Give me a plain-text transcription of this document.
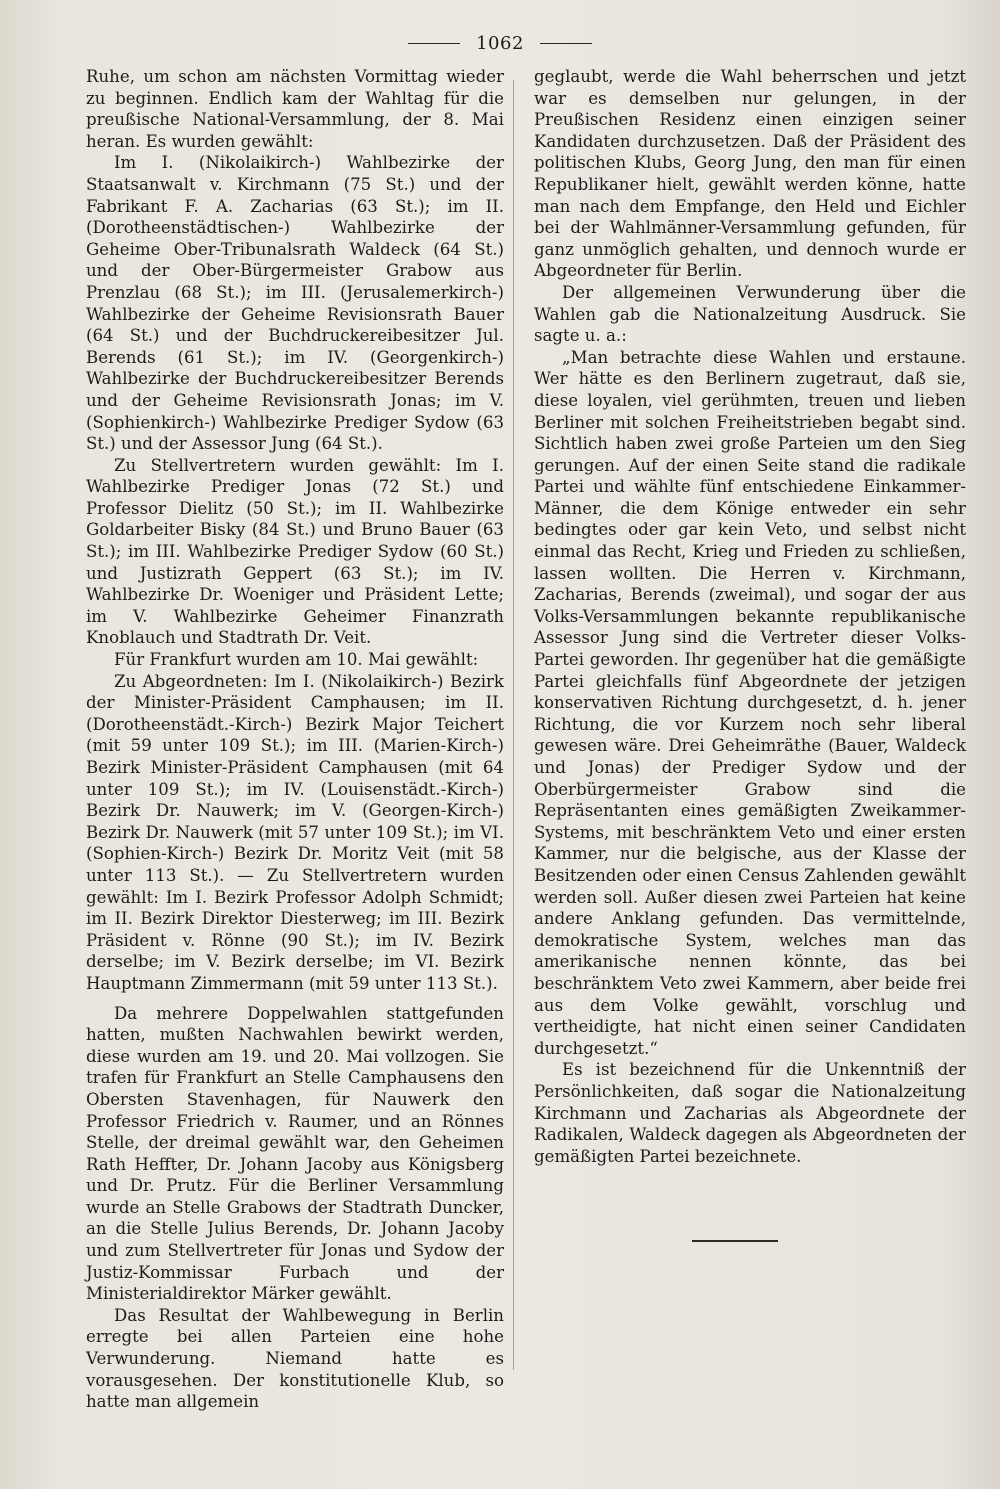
1062

Ruhe, um schon am nächsten Vormittag wieder zu beginnen. Endlich kam der Wahltag für die preußische National-Versammlung, der 8. Mai heran. Es wurden gewählt:

Im I. (Nikolaikirch-) Wahlbezirke der Staatsanwalt v. Kirchmann (75 St.) und der Fabrikant F. A. Zacharias (63 St.); im II. (Dorotheenstädtischen-) Wahlbezirke der Geheime Ober-Tribunalsrath Waldeck (64 St.) und der Ober-Bürgermeister Grabow aus Prenzlau (68 St.); im III. (Jerusalemerkirch-) Wahlbezirke der Geheime Revisionsrath Bauer (64 St.) und der Buchdruckereibesitzer Jul. Berends (61 St.); im IV. (Georgenkirch-) Wahlbezirke der Buchdruckereibesitzer Berends und der Geheime Revisionsrath Jonas; im V. (Sophienkirch-) Wahlbezirke Prediger Sydow (63 St.) und der Assessor Jung (64 St.).

Zu Stellvertretern wurden gewählt: Im I. Wahlbezirke Prediger Jonas (72 St.) und Professor Dielitz (50 St.); im II. Wahlbezirke Goldarbeiter Bisky (84 St.) und Bruno Bauer (63 St.); im III. Wahlbezirke Prediger Sydow (60 St.) und Justizrath Geppert (63 St.); im IV. Wahlbezirke Dr. Woeniger und Präsident Lette; im V. Wahlbezirke Geheimer Finanzrath Knoblauch und Stadtrath Dr. Veit.

Für Frankfurt wurden am 10. Mai gewählt:

Zu Abgeordneten: Im I. (Nikolaikirch-) Bezirk der Minister-Präsident Camphausen; im II. (Dorotheenstädt.-Kirch-) Bezirk Major Teichert (mit 59 unter 109 St.); im III. (Marien-Kirch-) Bezirk Minister-Präsident Camphausen (mit 64 unter 109 St.); im IV. (Louisenstädt.-Kirch-) Bezirk Dr. Nauwerk; im V. (Georgen-Kirch-) Bezirk Dr. Nauwerk (mit 57 unter 109 St.); im VI. (Sophien-Kirch-) Bezirk Dr. Moritz Veit (mit 58 unter 113 St.). — Zu Stellvertretern wurden gewählt: Im I. Bezirk Professor Adolph Schmidt; im II. Bezirk Direktor Diesterweg; im III. Bezirk Präsident v. Rönne (90 St.); im IV. Bezirk derselbe; im V. Bezirk derselbe; im VI. Bezirk Hauptmann Zimmermann (mit 59 unter 113 St.).

Da mehrere Doppelwahlen stattgefunden hatten, mußten Nachwahlen bewirkt werden, diese wurden am 19. und 20. Mai vollzogen. Sie trafen für Frankfurt an Stelle Camphausens den Obersten Stavenhagen, für Nauwerk den Professor Friedrich v. Raumer, und an Rönnes Stelle, der dreimal gewählt war, den Geheimen Rath Heffter, Dr. Johann Jacoby aus Königsberg und Dr. Prutz. Für die Berliner Versammlung wurde an Stelle Grabows der Stadtrath Duncker, an die Stelle Julius Berends, Dr. Johann Jacoby und zum Stellvertreter für Jonas und Sydow der Justiz-Kommissar Furbach und der Ministerialdirektor Märker gewählt.

Das Resultat der Wahlbewegung in Berlin erregte bei allen Parteien eine hohe Verwunderung. Niemand hatte es vorausgesehen. Der konstitutionelle Klub, so hatte man allgemein

geglaubt, werde die Wahl beherrschen und jetzt war es demselben nur gelungen, in der Preußischen Residenz einen einzigen seiner Kandidaten durchzusetzen. Daß der Präsident des politischen Klubs, Georg Jung, den man für einen Republikaner hielt, gewählt werden könne, hatte man nach dem Empfange, den Held und Eichler bei der Wahlmänner-Versammlung gefunden, für ganz unmöglich gehalten, und dennoch wurde er Abgeordneter für Berlin.

Der allgemeinen Verwunderung über die Wahlen gab die Nationalzeitung Ausdruck. Sie sagte u. a.:

„Man betrachte diese Wahlen und erstaune. Wer hätte es den Berlinern zugetraut, daß sie, diese loyalen, viel gerühmten, treuen und lieben Berliner mit solchen Freiheitstrieben begabt sind. Sichtlich haben zwei große Parteien um den Sieg gerungen. Auf der einen Seite stand die radikale Partei und wählte fünf entschiedene Einkammer-Männer, die dem Könige entweder ein sehr bedingtes oder gar kein Veto, und selbst nicht einmal das Recht, Krieg und Frieden zu schließen, lassen wollten. Die Herren v. Kirchmann, Zacharias, Berends (zweimal), und sogar der aus Volks-Versammlungen bekannte republikanische Assessor Jung sind die Vertreter dieser Volks-Partei geworden. Ihr gegenüber hat die gemäßigte Partei gleichfalls fünf Abgeordnete der jetzigen konservativen Richtung durchgesetzt, d. h. jener Richtung, die vor Kurzem noch sehr liberal gewesen wäre. Drei Geheimräthe (Bauer, Waldeck und Jonas) der Prediger Sydow und der Oberbürgermeister Grabow sind die Repräsentanten eines gemäßigten Zweikammer-Systems, mit beschränktem Veto und einer ersten Kammer, nur die belgische, aus der Klasse der Besitzenden oder einen Census Zahlenden gewählt werden soll. Außer diesen zwei Parteien hat keine andere Anklang gefunden. Das vermittelnde, demokratische System, welches man das amerikanische nennen könnte, das bei beschränktem Veto zwei Kammern, aber beide frei aus dem Volke gewählt, vorschlug und vertheidigte, hat nicht einen seiner Candidaten durchgesetzt.“

Es ist bezeichnend für die Unkenntniß der Persönlichkeiten, daß sogar die Nationalzeitung Kirchmann und Zacharias als Abgeordnete der Radikalen, Waldeck dagegen als Abgeordneten der gemäßigten Partei bezeichnete.
